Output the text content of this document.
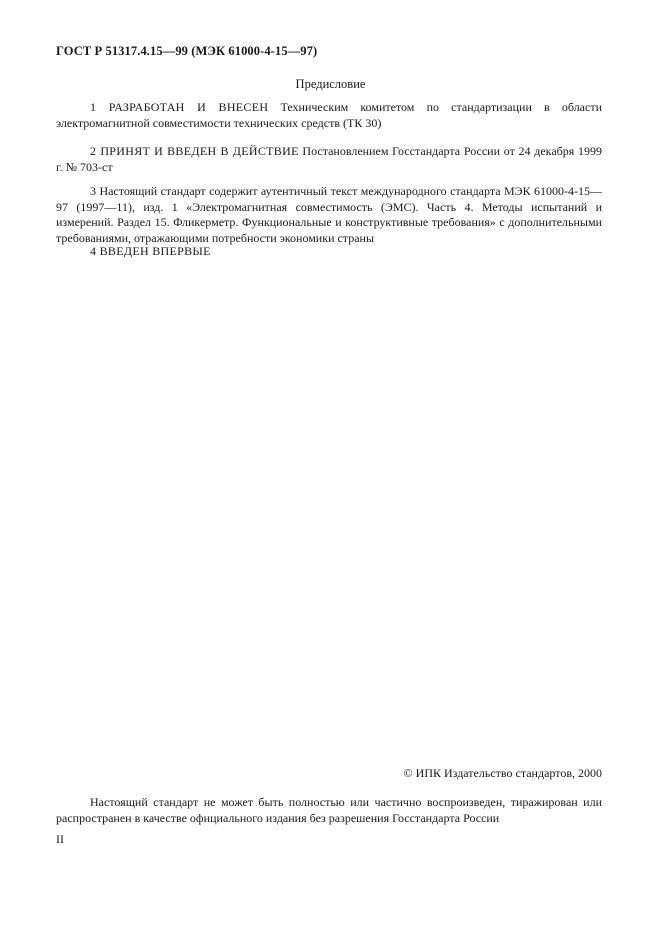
ГОСТ Р 51317.4.15—99 (МЭК 61000-4-15—97)
Предисловие
1 РАЗРАБОТАН И ВНЕСЕН Техническим комитетом по стандартизации в области электромагнитной совместимости технических средств (ТК 30)
2 ПРИНЯТ И ВВЕДЕН В ДЕЙСТВИЕ Постановлением Госстандарта России от 24 декабря 1999 г. № 703-ст
3 Настоящий стандарт содержит аутентичный текст международного стандарта МЭК 61000-4-15—97 (1997—11), изд. 1 «Электромагнитная совместимость (ЭМС). Часть 4. Методы испытаний и измерений. Раздел 15. Фликерметр. Функциональные и конструктивные требования» с дополнительными требованиями, отражающими потребности экономики страны
4 ВВЕДЕН ВПЕРВЫЕ
© ИПК Издательство стандартов, 2000
Настоящий стандарт не может быть полностью или частично воспроизведен, тиражирован или распространен в качестве официального издания без разрешения Госстандарта России
II
